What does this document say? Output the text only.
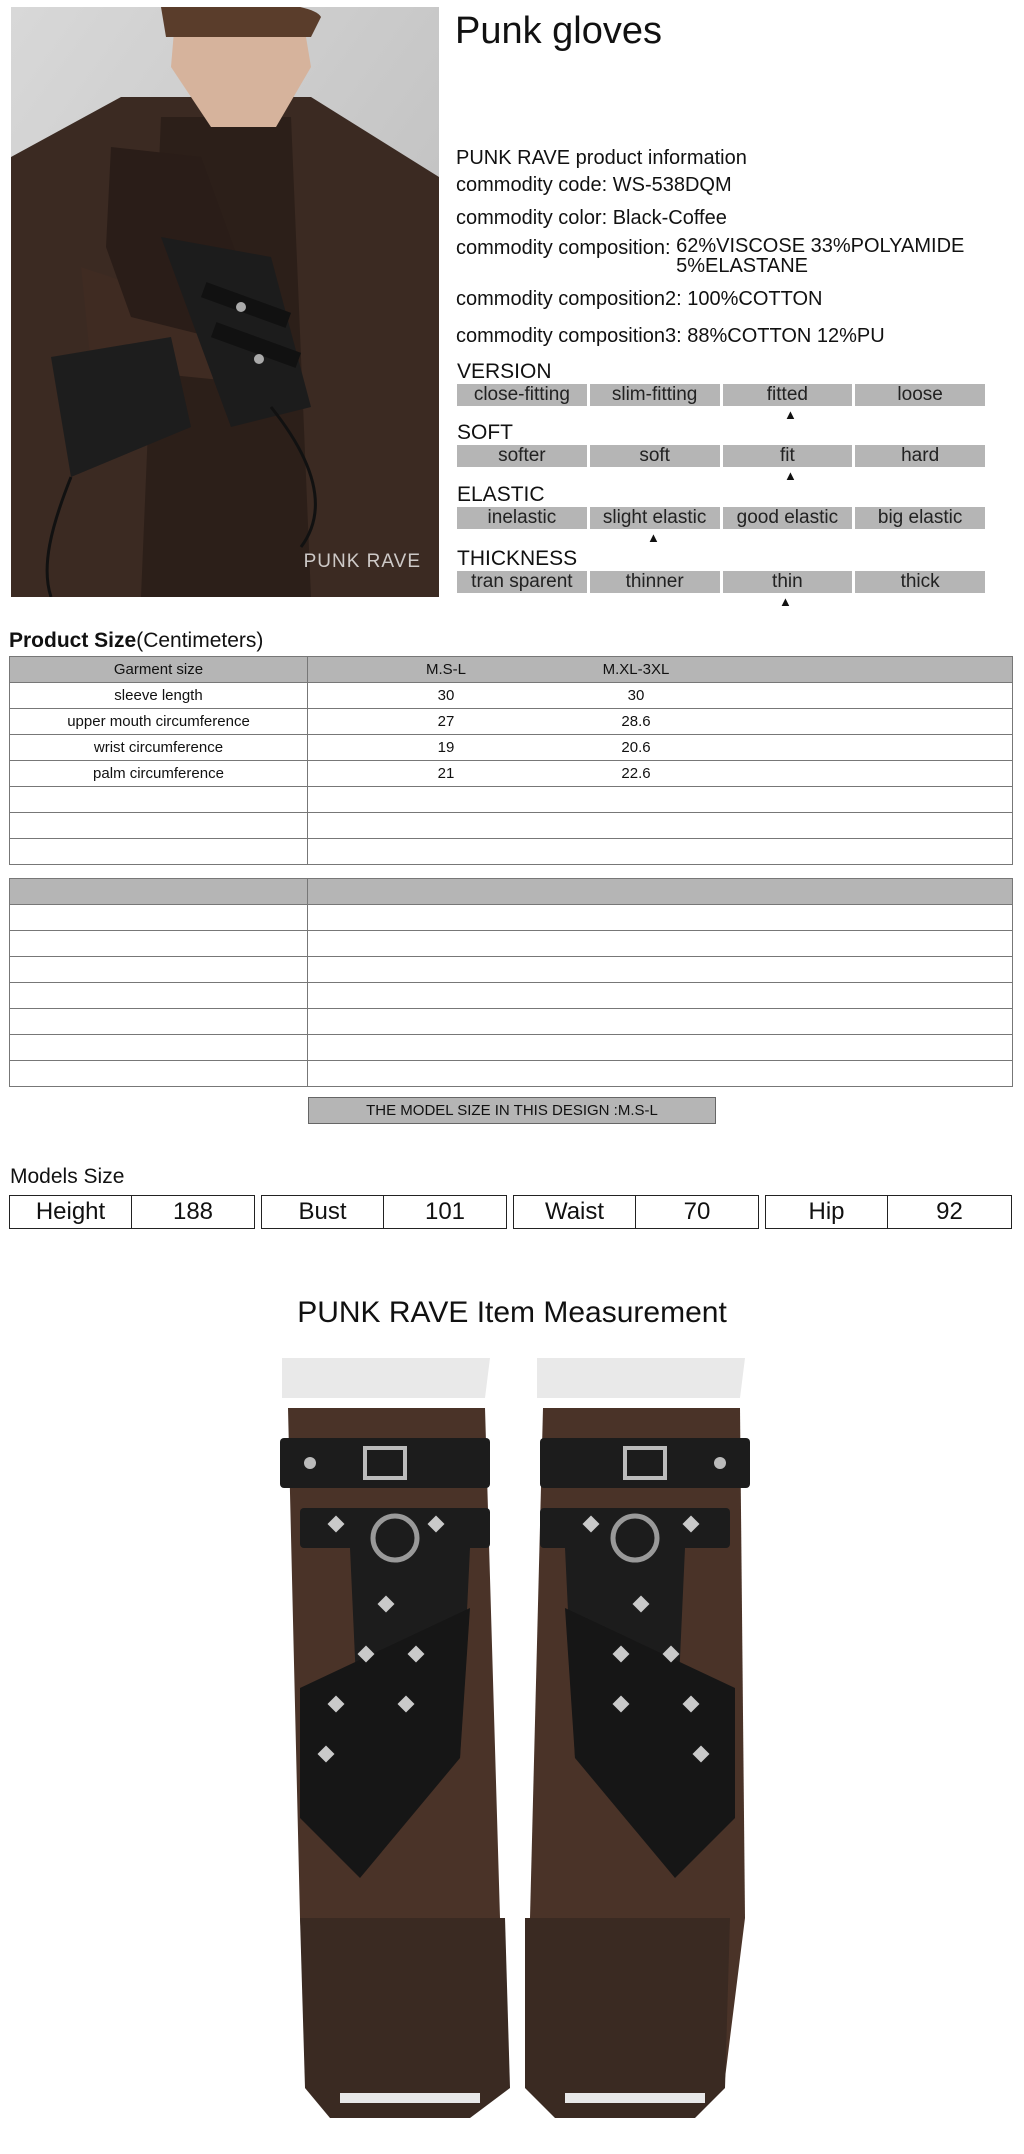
PUNK RAVE
Punk gloves
PUNK RAVE product information
commodity code: WS-538DQM
commodity color: Black-Coffee
commodity composition: 62%VISCOSE 33%POLYAMIDE
5%ELASTANE
commodity composition2: 100%COTTON
commodity composition3: 88%COTTON 12%PU
VERSION
close-fitting	slim-fitting	fitted	loose
▲
SOFT
softer	soft	fit	hard
▲
ELASTIC
inelastic	slight elastic	good elastic	big elastic
▲
THICKNESS
tran sparent	thinner	thin	thick
▲
Product Size(Centimeters)
Garment size	M.S-L M.XL-3XL

sleeve length	30 30

upper mouth circumference	27 28.6

wrist circumference	19 20.6

palm circumference	21 22.6

THE MODEL SIZE IN THIS DESIGN :M.S-L
Models Size
Height	188	Bust	101	Waist	70	Hip	92
PUNK RAVE Item Measurement
